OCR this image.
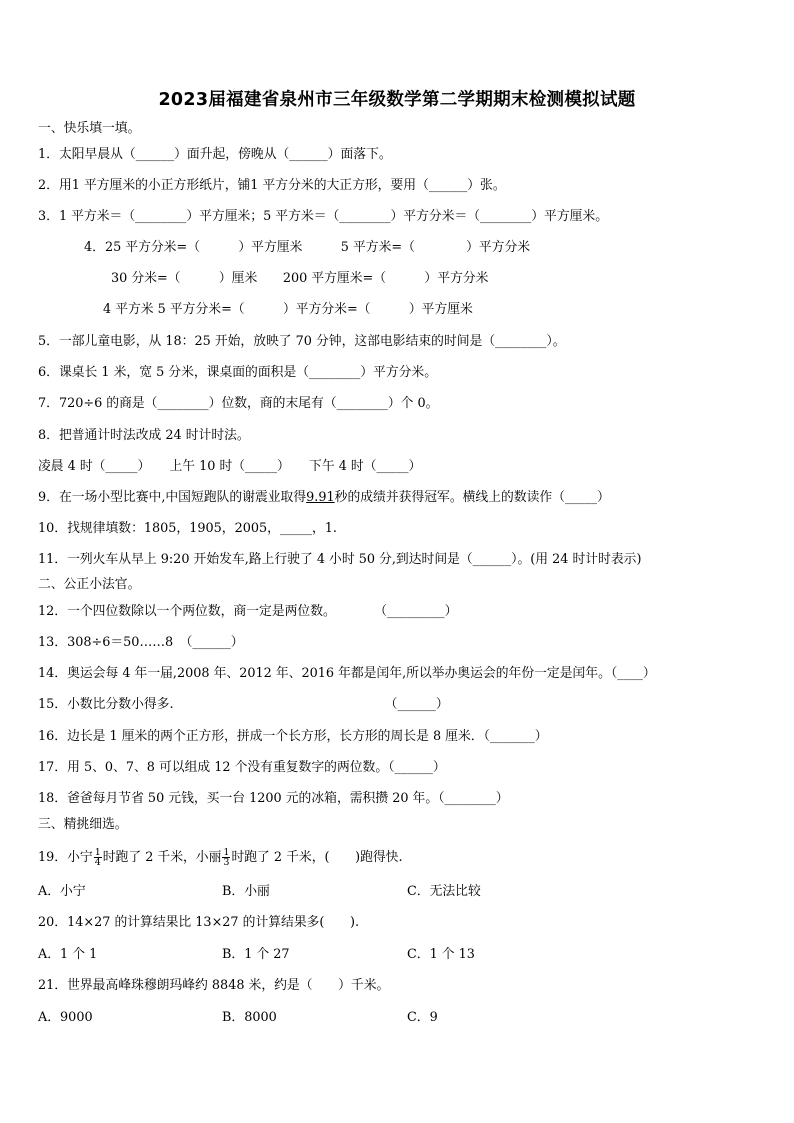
2023届福建省泉州市三年级数学第二学期期末检测模拟试题
一、快乐填一填。
1．太阳早晨从（______）面升起，傍晚从（______）面落下。
2．用1 平方厘米的小正方形纸片，铺1 平方分米的大正方形，要用（______）张。
3．1 平方米＝（________）平方厘米；5 平方米＝（________）平方分米＝（________）平方厘米。
4．25 平方分米=（　　　）平方厘米　　　5 平方米=（　　　　）平方分米
30 分米=（　　　）厘米　　200 平方厘米=（　　　）平方分米
4 平方米 5 平方分米=（　　　）平方分米=（　　　）平方厘米
5．一部儿童电影，从 18：25 开始，放映了 70 分钟，这部电影结束的时间是（________）。
6．课桌长 1 米，宽 5 分米，课桌面的面积是（________）平方分米。
7．720÷6 的商是（________）位数，商的末尾有（________）个 0。
8．把普通计时法改成 24 时计时法。
凌晨 4 时（_____）　　上午 10 时（_____）　　下午 4 时（_____）
9．在一场小型比赛中,中国短跑队的谢震业取得9.91秒的成绩并获得冠军。横线上的数读作（_____）
10．找规律填数：1805，1905，2005，_____，1.
11．一列火车从早上 9:20 开始发车,路上行驶了 4 小时 50 分,到达时间是（______）。(用 24 时计时表示)
二、公正小法官。
12．一个四位数除以一个两位数，商一定是两位数。　　　　（_________）
13．308÷6＝50……8　（______）
14．奥运会每 4 年一届,2008 年、2012 年、2016 年都是闰年,所以举办奥运会的年份一定是闰年。（____）
15．小数比分数小得多.　　　　　　　　　　　　　　　　　（______）
16．边长是 1 厘米的两个正方形，拼成一个长方形，长方形的周长是 8 厘米．（_______）
17．用 5、0、7、8 可以组成 12 个没有重复数字的两位数。（______）
18．爸爸每月节省 50 元钱，买一台 1200 元的冰箱，需积攒 20 年。（________）
三、精挑细选。
19．小宁 $\frac{1}{4}$ 时跑了 2 千米，小丽 $\frac{1}{3}$ 时跑了 2 千米，(　　)跑得快.
A．小宁	B．小丽	C．无法比较
20．14×27 的计算结果比 13×27 的计算结果多(　　).
A．1 个 1	B．1 个 27	C．1 个 13
21．世界最高峰珠穆朗玛峰约 8848 米，约是（　　）千米。
A．9000	B．8000	C．9
